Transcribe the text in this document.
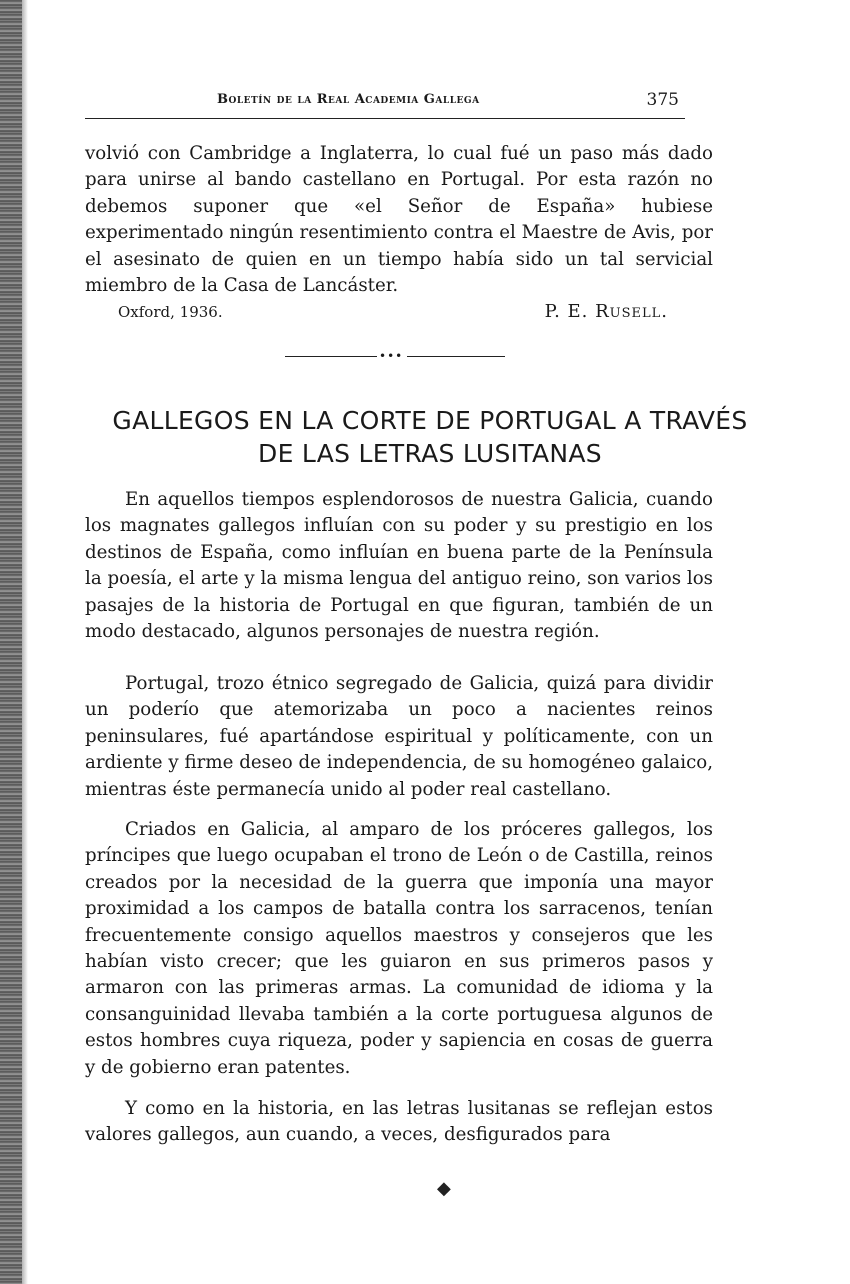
Boletín de la Real Academia Gallega	375

volvió con Cambridge a Inglaterra, lo cual fué un paso más dado para unirse al bando castellano en Portugal. Por esta razón no debemos suponer que «el Señor de España» hubiese experimentado ningún resentimiento contra el Maestre de Avis, por el asesinato de quien en un tiempo había sido un tal servicial miembro de la Casa de Lancáster.

Oxford, 1936.	P. E. Rusell.
•••
GALLEGOS EN LA CORTE DE PORTUGAL A TRAVÉS
DE LAS LETRAS LUSITANAS

En aquellos tiempos esplendorosos de nuestra Galicia, cuando los magnates gallegos influían con su poder y su prestigio en los destinos de España, como influían en buena parte de la Península la poesía, el arte y la misma lengua del antiguo reino, son varios los pasajes de la historia de Portugal en que figuran, también de un modo destacado, algunos personajes de nuestra región.

Portugal, trozo étnico segregado de Galicia, quizá para dividir un poderío que atemorizaba un poco a nacientes reinos peninsulares, fué apartándose espiritual y políticamente, con un ardiente y firme deseo de independencia, de su homogéneo galaico, mientras éste permanecía unido al poder real castellano.

Criados en Galicia, al amparo de los próceres gallegos, los príncipes que luego ocupaban el trono de León o de Castilla, reinos creados por la necesidad de la guerra que imponía una mayor proximidad a los campos de batalla contra los sarracenos, tenían frecuentemente consigo aquellos maestros y consejeros que les habían visto crecer; que les guiaron en sus primeros pasos y armaron con las primeras armas. La comunidad de idioma y la consanguinidad llevaba también a la corte portuguesa algunos de estos hombres cuya riqueza, poder y sapiencia en cosas de guerra y de gobierno eran patentes.

Y como en la historia, en las letras lusitanas se reflejan estos valores gallegos, aun cuando, a veces, desfigurados para

◆
